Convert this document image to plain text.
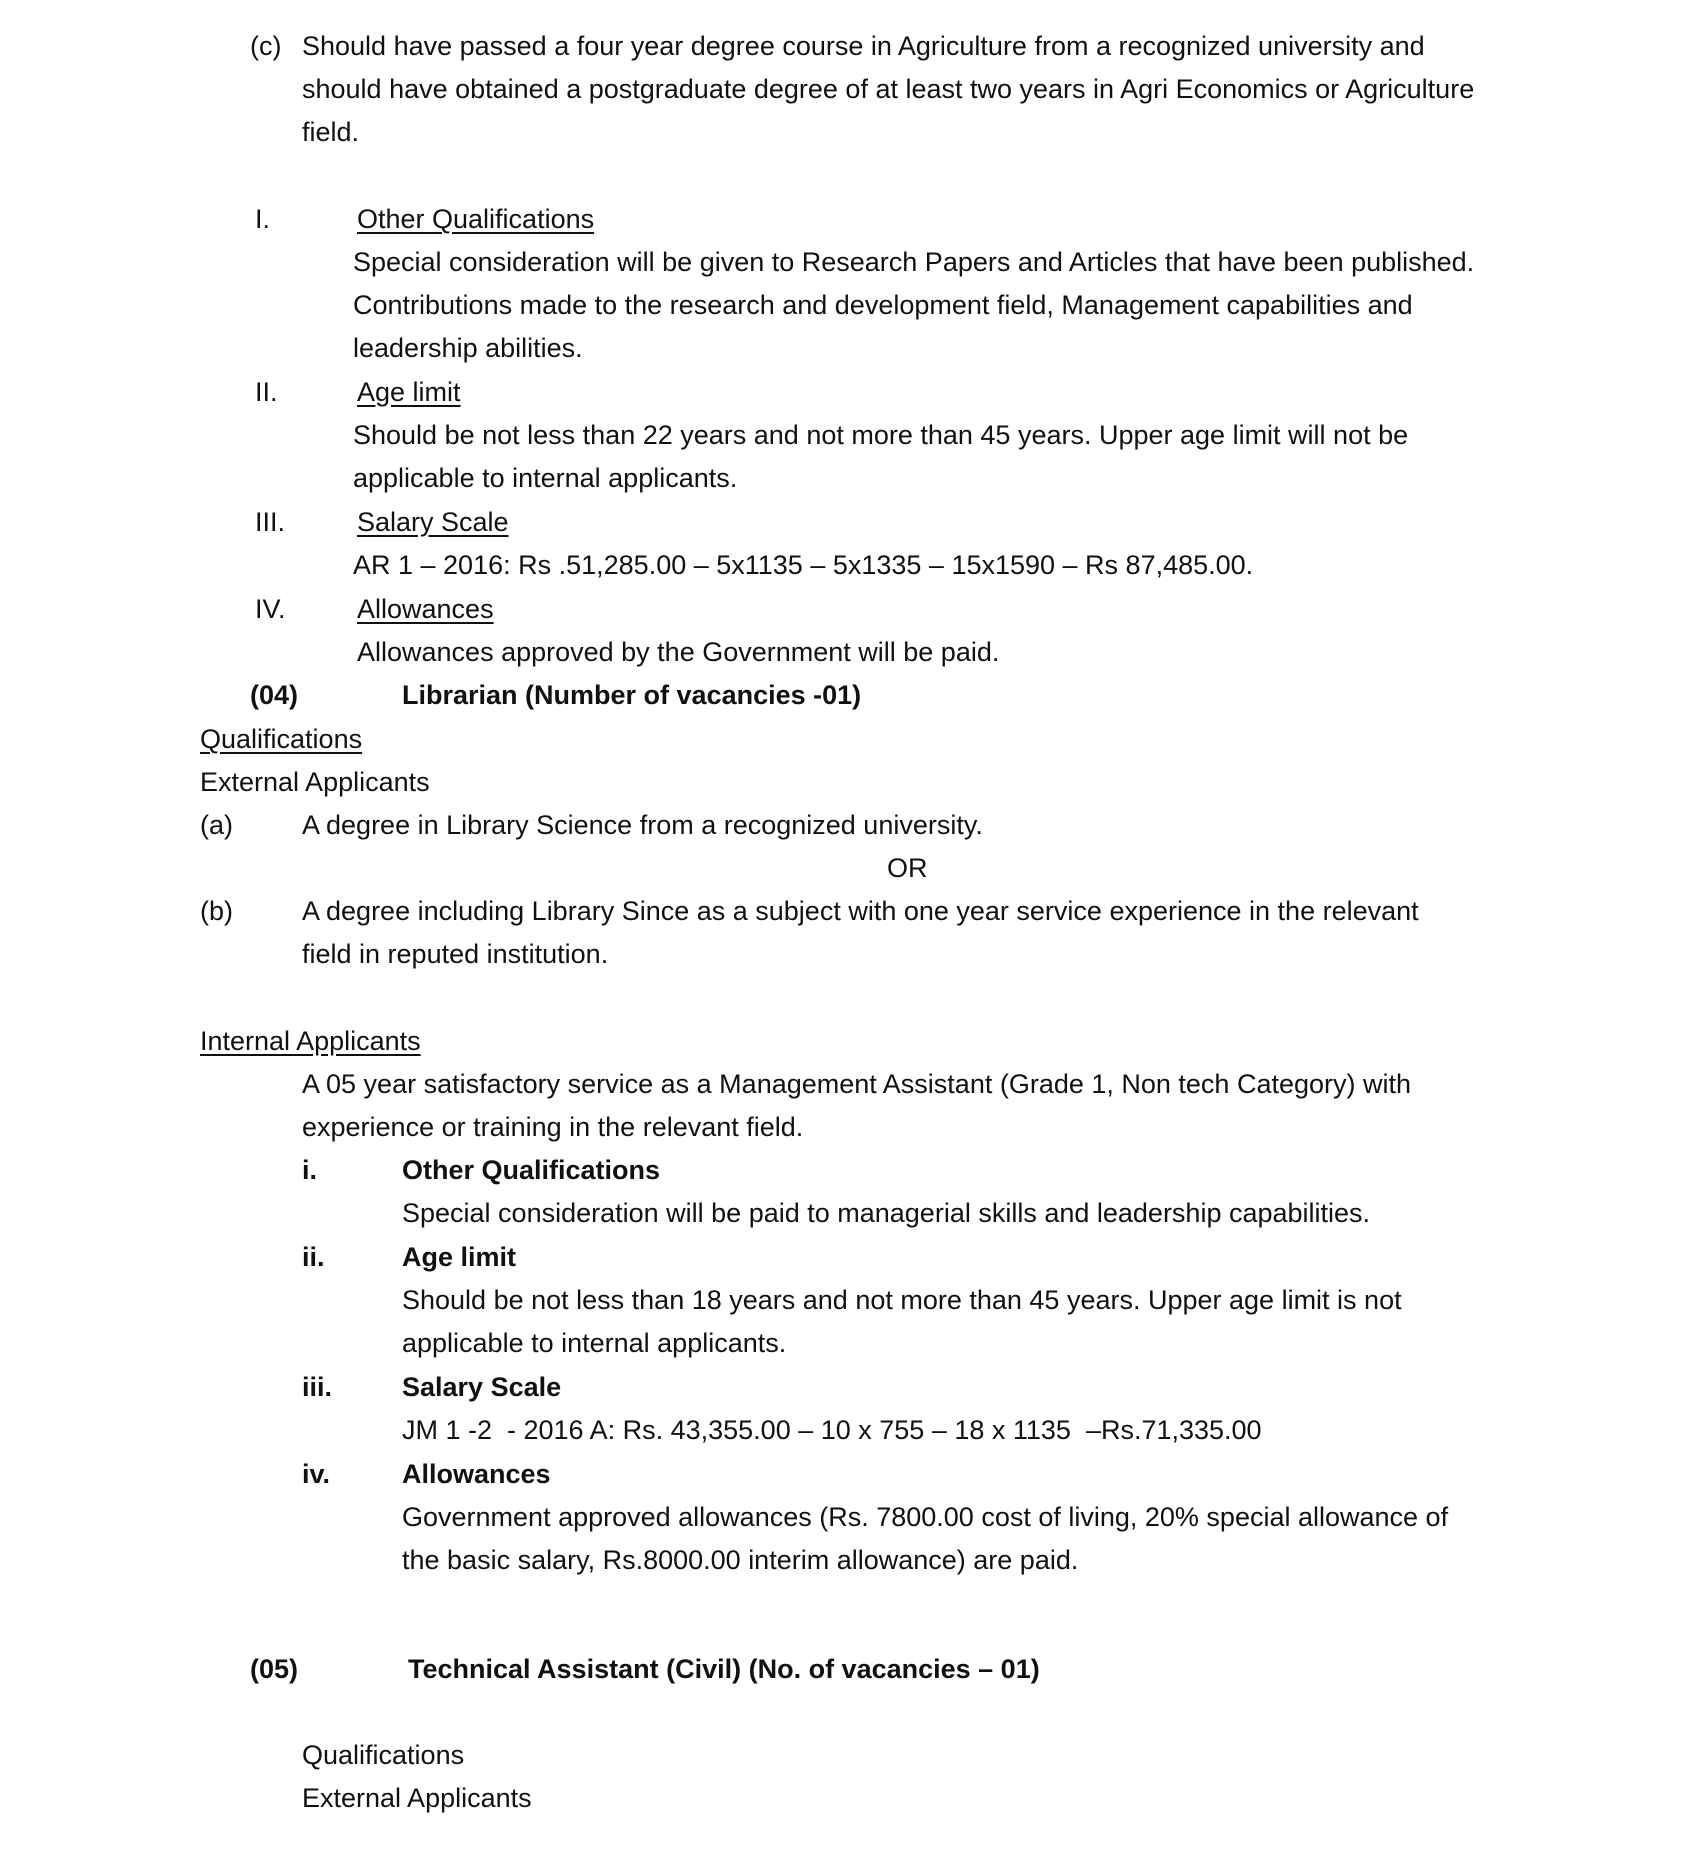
(c) Should have passed a four year degree course in Agriculture from a recognized university and
should have obtained a postgraduate degree of at least two years in Agri Economics or Agriculture
field.
I.	Other Qualifications
Special consideration will be given to Research Papers and Articles that have been published.
Contributions made to the research and development field, Management capabilities and
leadership abilities.
II.	Age limit
Should be not less than 22 years and not more than 45 years. Upper age limit will not be
applicable to internal applicants.
III.	Salary Scale
AR 1 – 2016: Rs .51,285.00 – 5x1135 – 5x1335 – 15x1590 – Rs 87,485.00.
IV.	Allowances
Allowances approved by the Government will be paid.
(04)	Librarian (Number of vacancies -01)
Qualifications
External Applicants
(a)	A degree in Library Science from a recognized university.
OR
(b)	A degree including Library Since as a subject with one year service experience in the relevant
field in reputed institution.
Internal Applicants
A 05 year satisfactory service as a Management Assistant (Grade 1, Non tech Category) with
experience or training in the relevant field.
i.	Other Qualifications
Special consideration will be paid to managerial skills and leadership capabilities.
ii.	Age limit
Should be not less than 18 years and not more than 45 years. Upper age limit is not
applicable to internal applicants.
iii.	Salary Scale
JM 1 -2  - 2016 A: Rs. 43,355.00 – 10 x 755 – 18 x 1135  –Rs.71,335.00
iv.	Allowances
Government approved allowances (Rs. 7800.00 cost of living, 20% special allowance of
the basic salary, Rs.8000.00 interim allowance) are paid.
(05)	Technical Assistant (Civil) (No. of vacancies – 01)
Qualifications
External Applicants
